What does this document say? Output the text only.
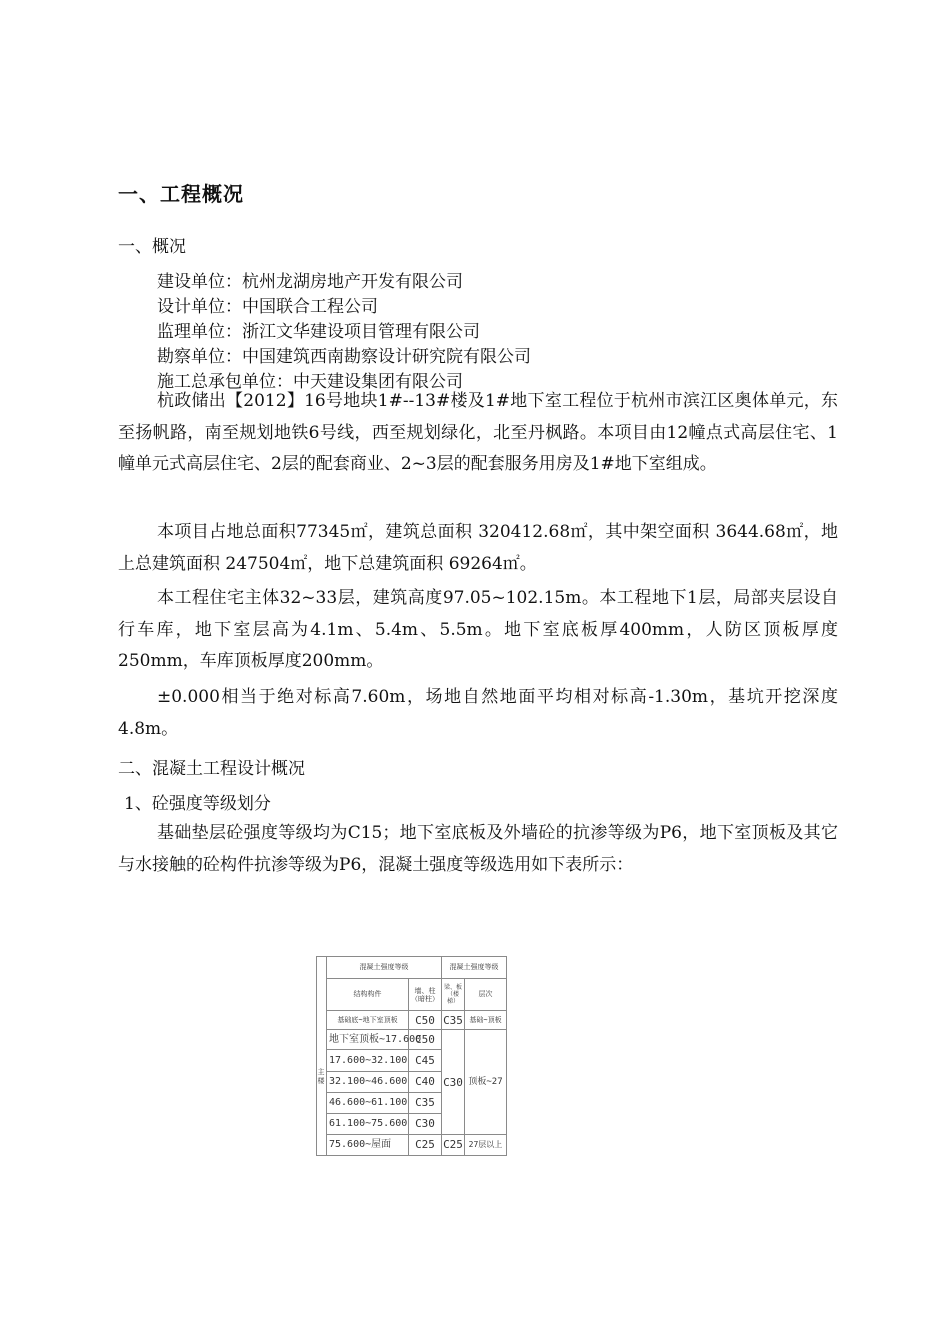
一、工程概况
一、概况
建设单位：杭州龙湖房地产开发有限公司
设计单位：中国联合工程公司
监理单位：浙江文华建设项目管理有限公司
勘察单位：中国建筑西南勘察设计研究院有限公司
施工总承包单位：中天建设集团有限公司

杭政储出【2012】16号地块1#--13#楼及1#地下室工程位于杭州市滨江区奥体单元，东至扬帆路，南至规划地铁6号线，西至规划绿化，北至丹枫路。本项目由12幢点式高层住宅、1幢单元式高层住宅、2层的配套商业、2~3层的配套服务用房及1#地下室组成。

本项目占地总面积77345㎡，建筑总面积 320412.68㎡，其中架空面积 3644.68㎡，地上总建筑面积 247504㎡，地下总建筑面积 69264㎡。

本工程住宅主体32~33层，建筑高度97.05~102.15m。本工程地下1层，局部夹层设自行车库，地下室层高为4.1m、5.4m、5.5m。地下室底板厚400mm，人防区顶板厚度250mm，车库顶板厚度200mm。

±0.000相当于绝对标高7.60m，场地自然地面平均相对标高-1.30m，基坑开挖深度4.8m。

二、混凝土工程设计概况
1、砼强度等级划分

基础垫层砼强度等级均为C15；地下室底板及外墙砼的抗渗等级为P6，地下室顶板及其它与水接触的砼构件抗渗等级为P6，混凝土强度等级选用如下表所示：

	混凝土强度等级		混凝土强度等级	
	结构构件	墙、柱（暗柱）	梁、板（楼梯）	层次
	基础底~地下室顶板	C50	C35	基础~顶板
	地下室顶板~17.600	C50	C30	顶板~27
	17.600~32.100	C45		
	32.100~46.600	C40		
	46.600~61.100	C35		
	61.100~75.600	C30		
	75.600~屋面	C25	C25	27层以上
主楼
